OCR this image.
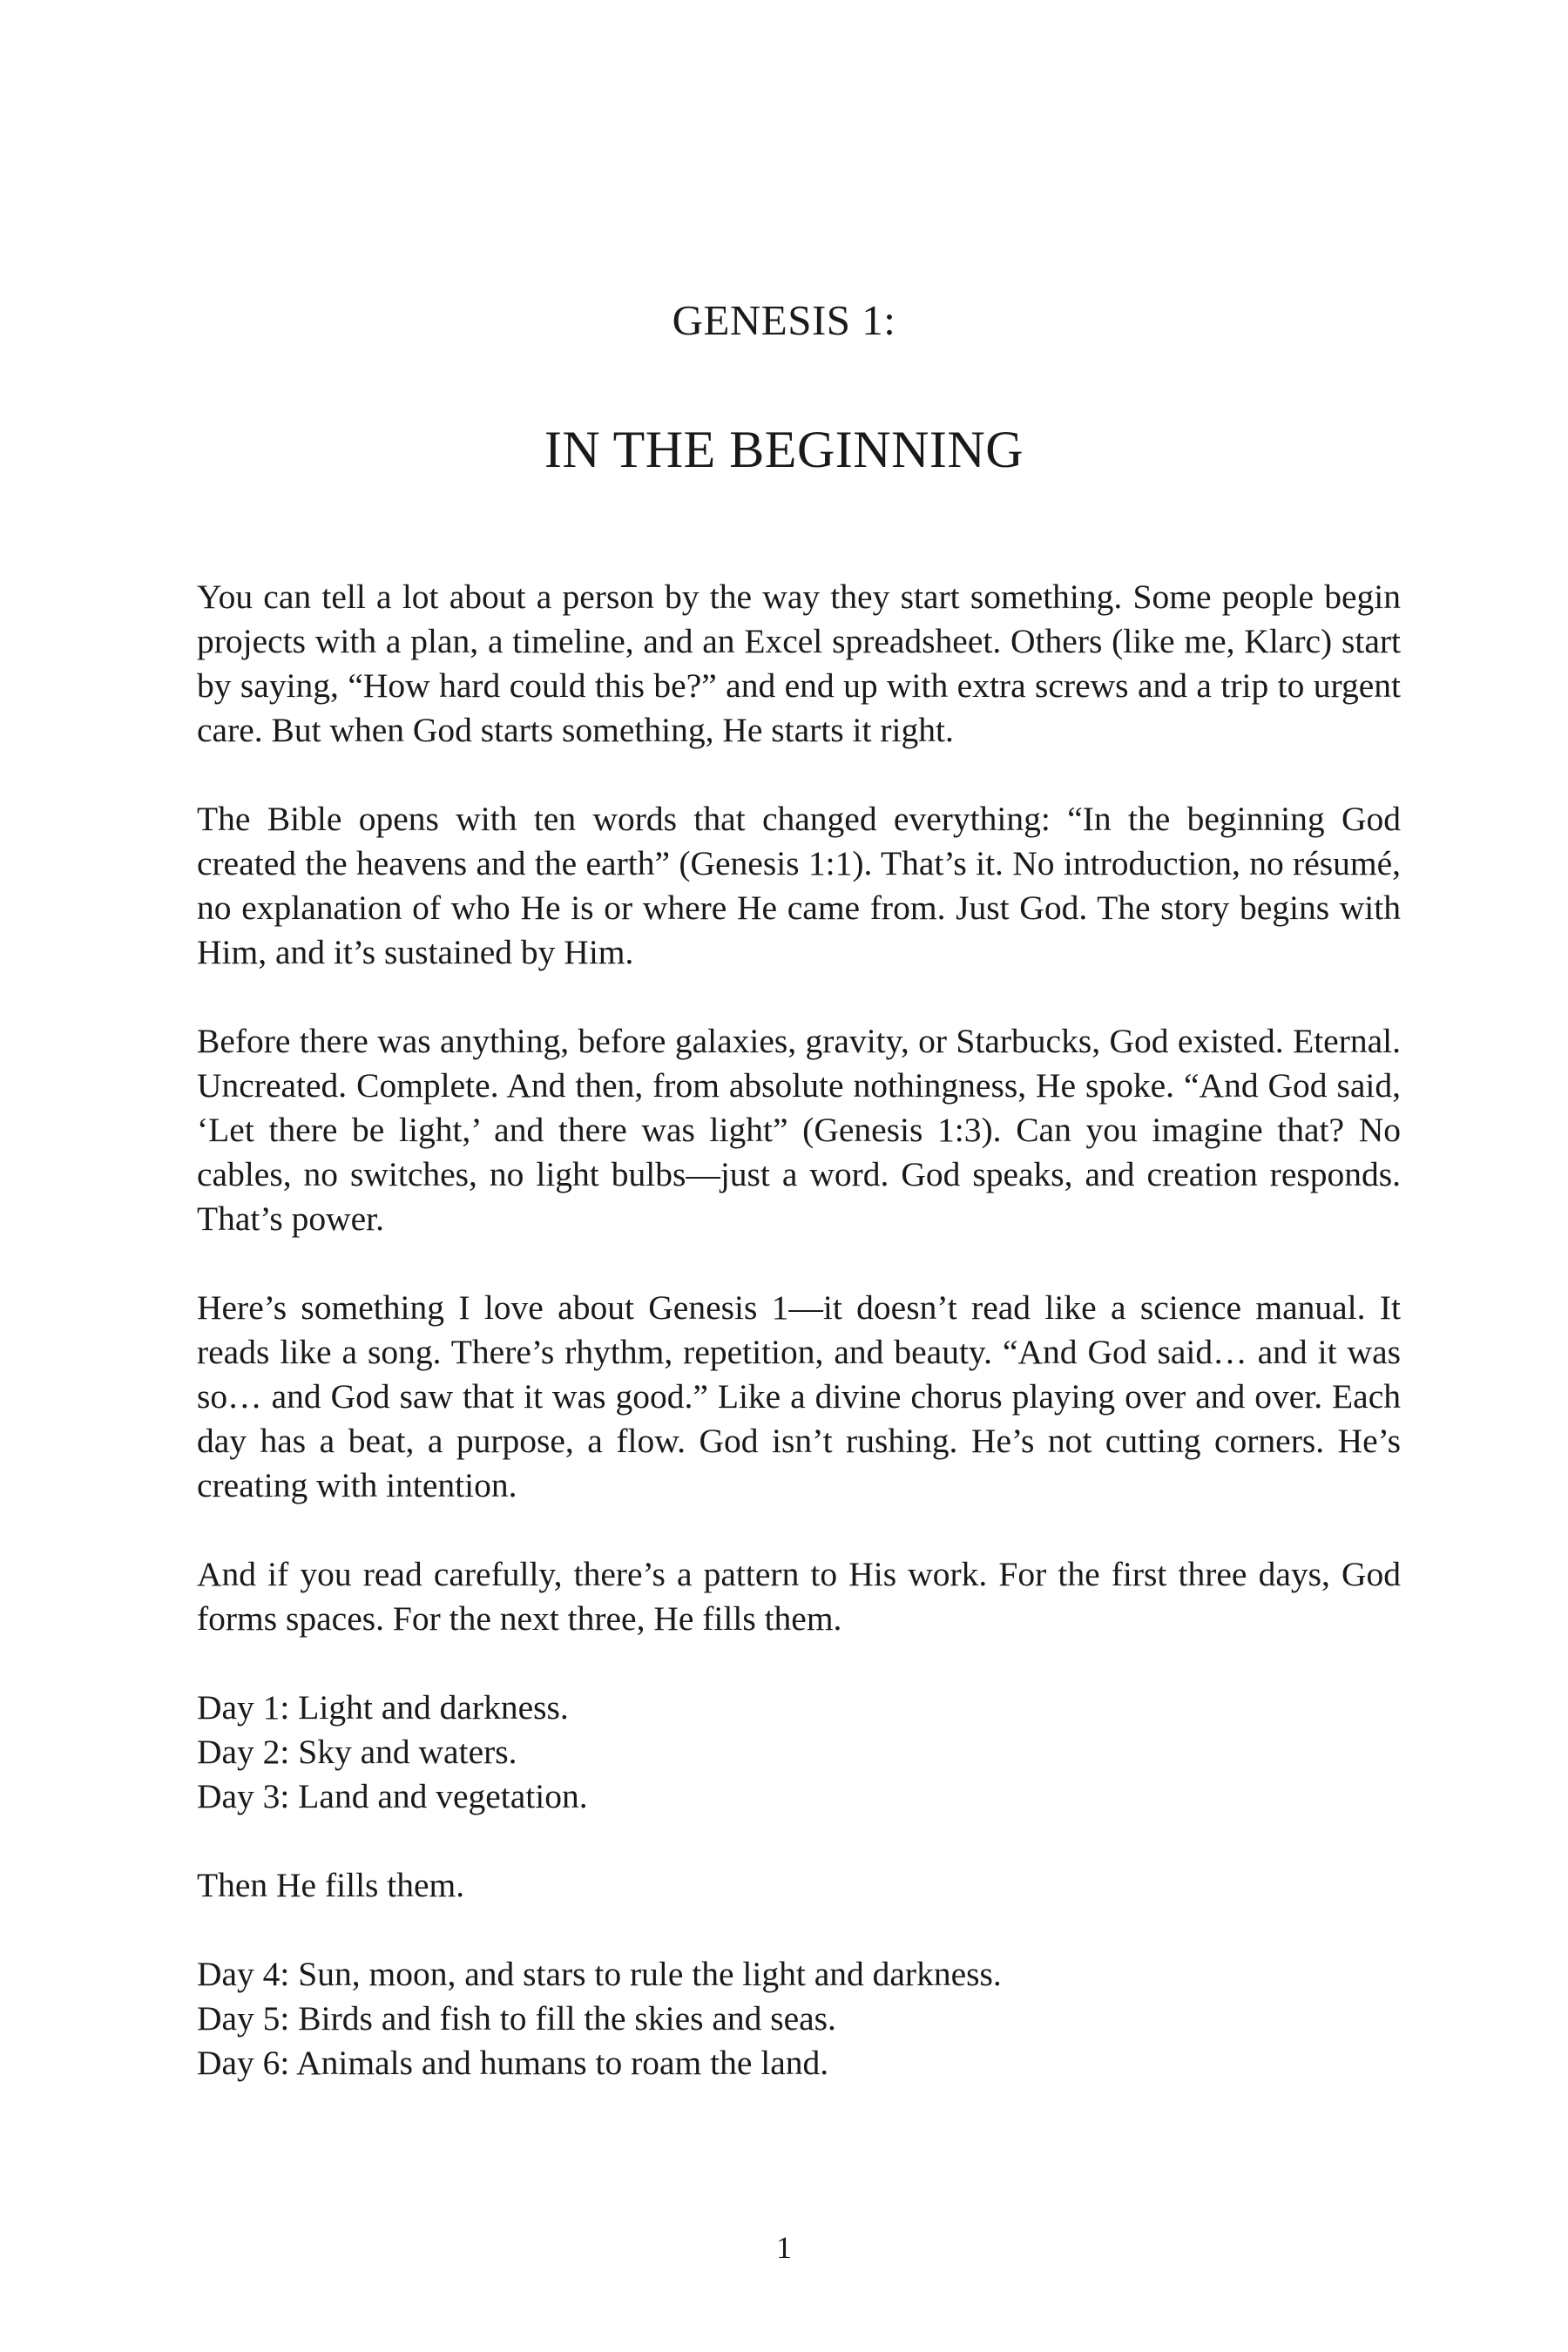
GENESIS 1:
IN THE BEGINNING

You can tell a lot about a person by the way they start something. Some people begin projects with a plan, a timeline, and an Excel spreadsheet. Others (like me, Klarc) start by saying, “How hard could this be?” and end up with extra screws and a trip to urgent care. But when God starts something, He starts it right.

The Bible opens with ten words that changed everything: “In the beginning God created the heavens and the earth” (Genesis 1:1). That’s it. No introduction, no résumé, no explanation of who He is or where He came from. Just God. The story begins with Him, and it’s sustained by Him.

Before there was anything, before galaxies, gravity, or Starbucks, God existed. Eternal. Uncreated. Complete. And then, from absolute nothingness, He spoke. “And God said, ‘Let there be light,’ and there was light” (Genesis 1:3). Can you imagine that? No cables, no switches, no light bulbs—just a word. God speaks, and creation responds. That’s power.

Here’s something I love about Genesis 1—it doesn’t read like a science manual. It reads like a song. There’s rhythm, repetition, and beauty. “And God said… and it was so… and God saw that it was good.” Like a divine chorus playing over and over. Each day has a beat, a purpose, a flow. God isn’t rushing. He’s not cutting corners. He’s creating with intention.

And if you read carefully, there’s a pattern to His work. For the first three days, God forms spaces. For the next three, He fills them.

Day 1: Light and darkness.
Day 2: Sky and waters.
Day 3: Land and vegetation.

Then He fills them.

Day 4: Sun, moon, and stars to rule the light and darkness.
Day 5: Birds and fish to fill the skies and seas.
Day 6: Animals and humans to roam the land.
1
